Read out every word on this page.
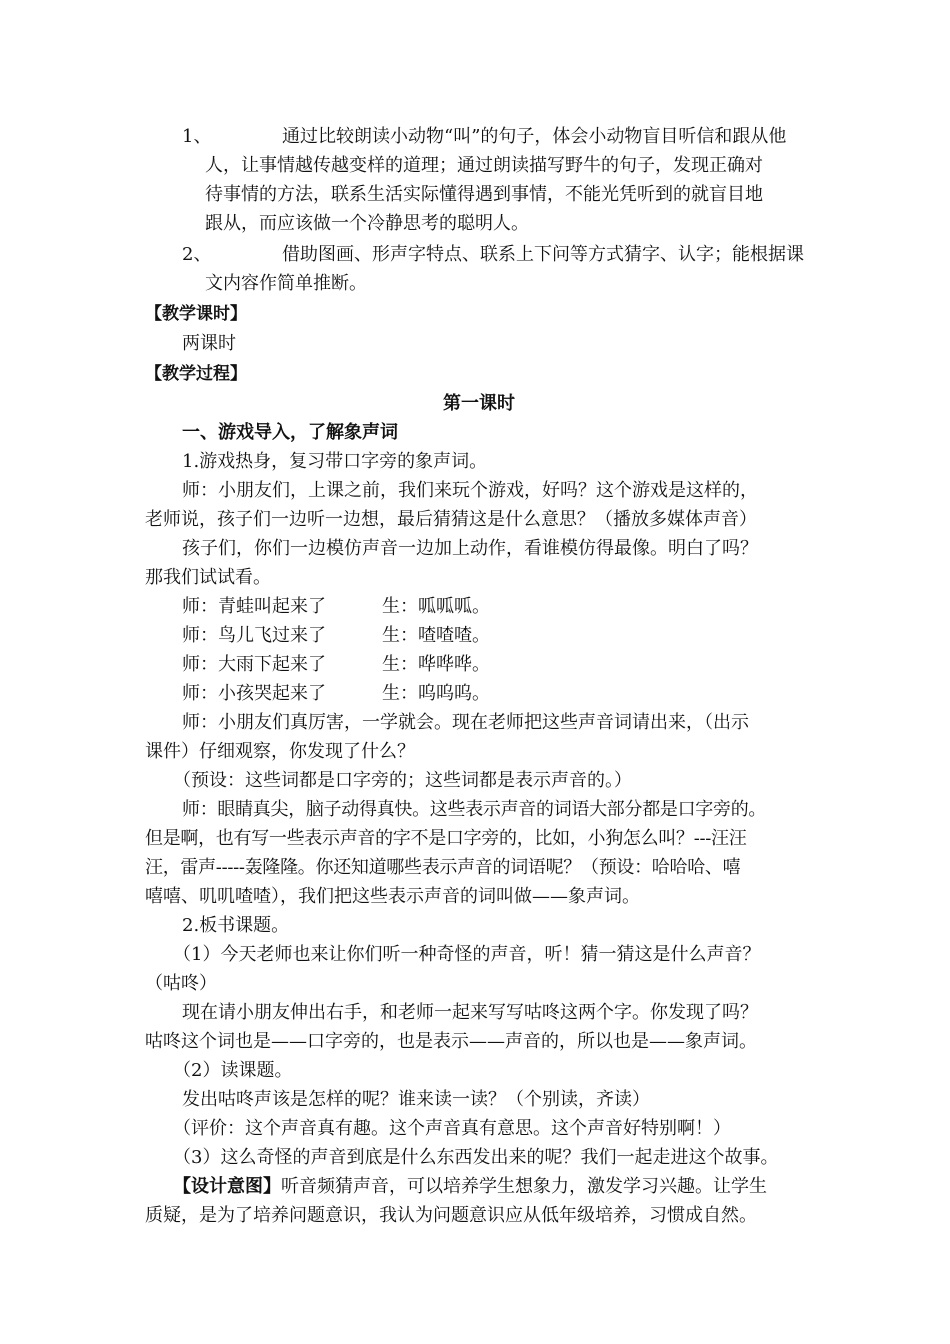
1、	通过比较朗读小动物“叫”的句子，体会小动物盲目听信和跟从他
人，让事情越传越变样的道理；通过朗读描写野牛的句子，发现正确对
待事情的方法，联系生活实际懂得遇到事情，不能光凭听到的就盲目地
跟从，而应该做一个冷静思考的聪明人。
2、	借助图画、形声字特点、联系上下问等方式猜字、认字；能根据课
文内容作简单推断。

【教学课时】

两课时

【教学过程】

第一课时

一、游戏导入，了解象声词

1.游戏热身，复习带口字旁的象声词。

师：小朋友们，上课之前，我们来玩个游戏，好吗？这个游戏是这样的，

老师说，孩子们一边听一边想，最后猜猜这是什么意思？（播放多媒体声音）

孩子们，你们一边模仿声音一边加上动作，看谁模仿得最像。明白了吗？

那我们试试看。

师：青蛙叫起来了	生：呱呱呱。
师：鸟儿飞过来了	生：喳喳喳。
师：大雨下起来了	生：哗哗哗。
师：小孩哭起来了	生：呜呜呜。

师：小朋友们真厉害，一学就会。现在老师把这些声音词请出来，（出示

课件）仔细观察，你发现了什么？

（预设：这些词都是口字旁的；这些词都是表示声音的。）

师：眼睛真尖，脑子动得真快。这些表示声音的词语大部分都是口字旁的。

但是啊，也有写一些表示声音的字不是口字旁的，比如，小狗怎么叫？---汪汪

汪，雷声-----轰隆隆。你还知道哪些表示声音的词语呢？（预设：哈哈哈、嘻

嘻嘻、叽叽喳喳），我们把这些表示声音的词叫做——象声词。

2.板书课题。

（1）今天老师也来让你们听一种奇怪的声音，听！猜一猜这是什么声音？

（咕咚）

现在请小朋友伸出右手，和老师一起来写写咕咚这两个字。你发现了吗？

咕咚这个词也是——口字旁的，也是表示——声音的，所以也是——象声词。

（2）读课题。

发出咕咚声该是怎样的呢？谁来读一读？（个别读，齐读）

（评价：这个声音真有趣。这个声音真有意思。这个声音好特别啊！）

（3）这么奇怪的声音到底是什么东西发出来的呢？我们一起走进这个故事。

【设计意图】听音频猜声音，可以培养学生想象力，激发学习兴趣。让学生

质疑，是为了培养问题意识，我认为问题意识应从低年级培养，习惯成自然。
